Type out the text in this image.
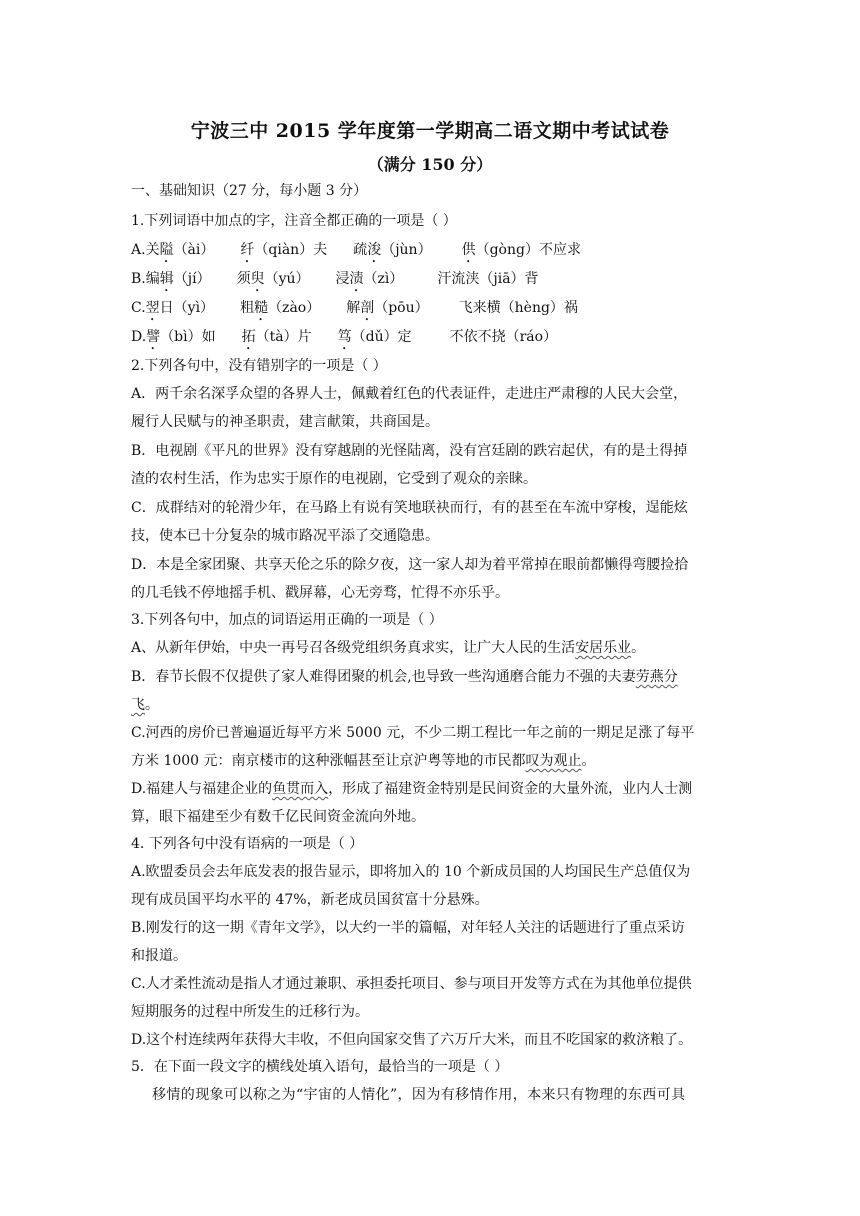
宁波三中 2015 学年度第一学期高二语文期中考试试卷
（满分 150 分）
一、基础知识（27 分，每小题 3 分）
1.下列词语中加点的字，注音全都正确的一项是（ ）
A.关隘（ài） 纤（qiàn）夫 疏浚（jùn） 供（gòng）不应求
B.编辑（jí） 须臾（yú） 浸渍（zì） 汗流浃（jiā）背
C.翌日（yì） 粗糙（zào） 解剖（pōu） 飞来横（hèng）祸
D.譬（bì）如 拓（tà）片 笃（dǔ）定	不依不挠（ráo）
2.下列各句中，没有错别字的一项是（ ）
A．两千余名深孚众望的各界人士，佩戴着红色的代表证件，走进庄严肃穆的人民大会堂，
履行人民赋与的神圣职责，建言献策，共商国是。
B．电视剧《平凡的世界》没有穿越剧的光怪陆离，没有宫廷剧的跌宕起伏，有的是土得掉
渣的农村生活，作为忠实于原作的电视剧，它受到了观众的亲睐。
C．成群结对的轮滑少年，在马路上有说有笑地联袂而行，有的甚至在车流中穿梭，逞能炫
技，使本已十分复杂的城市路况平添了交通隐患。
D．本是全家团聚、共享天伦之乐的除夕夜，这一家人却为着平常掉在眼前都懒得弯腰捡拾
的几毛钱不停地摇手机、戳屏幕，心无旁骛，忙得不亦乐乎。
3.下列各句中，加点的词语运用正确的一项是（ ）
A、从新年伊始，中央一再号召各级党组织务真求实，让广大人民的生活安居乐业。
B．春节长假不仅提供了家人难得团聚的机会,也导致一些沟通磨合能力不强的夫妻劳燕分
飞。
C.河西的房价已普遍逼近每平方米 5000 元，不少二期工程比一年之前的一期足足涨了每平
方米 1000 元：南京楼市的这种涨幅甚至让京沪粤等地的市民都叹为观止。
D.福建人与福建企业的鱼贯而入，形成了福建资金特别是民间资金的大量外流，业内人士测
算，眼下福建至少有数千亿民间资金流向外地。
4. 下列各句中没有语病的一项是（ ）
A.欧盟委员会去年底发表的报告显示，即将加入的 10 个新成员国的人均国民生产总值仅为
现有成员国平均水平的 47%，新老成员国贫富十分悬殊。
B.刚发行的这一期《青年文学》，以大约一半的篇幅，对年轻人关注的话题进行了重点采访
和报道。
C.人才柔性流动是指人才通过兼职、承担委托项目、参与项目开发等方式在为其他单位提供
短期服务的过程中所发生的迁移行为。
D.这个村连续两年获得大丰收，不但向国家交售了六万斤大米，而且不吃国家的救济粮了。
5．在下面一段文字的横线处填入语句，最恰当的一项是（ ）
移情的现象可以称之为“宇宙的人情化”，因为有移情作用，本来只有物理的东西可具
